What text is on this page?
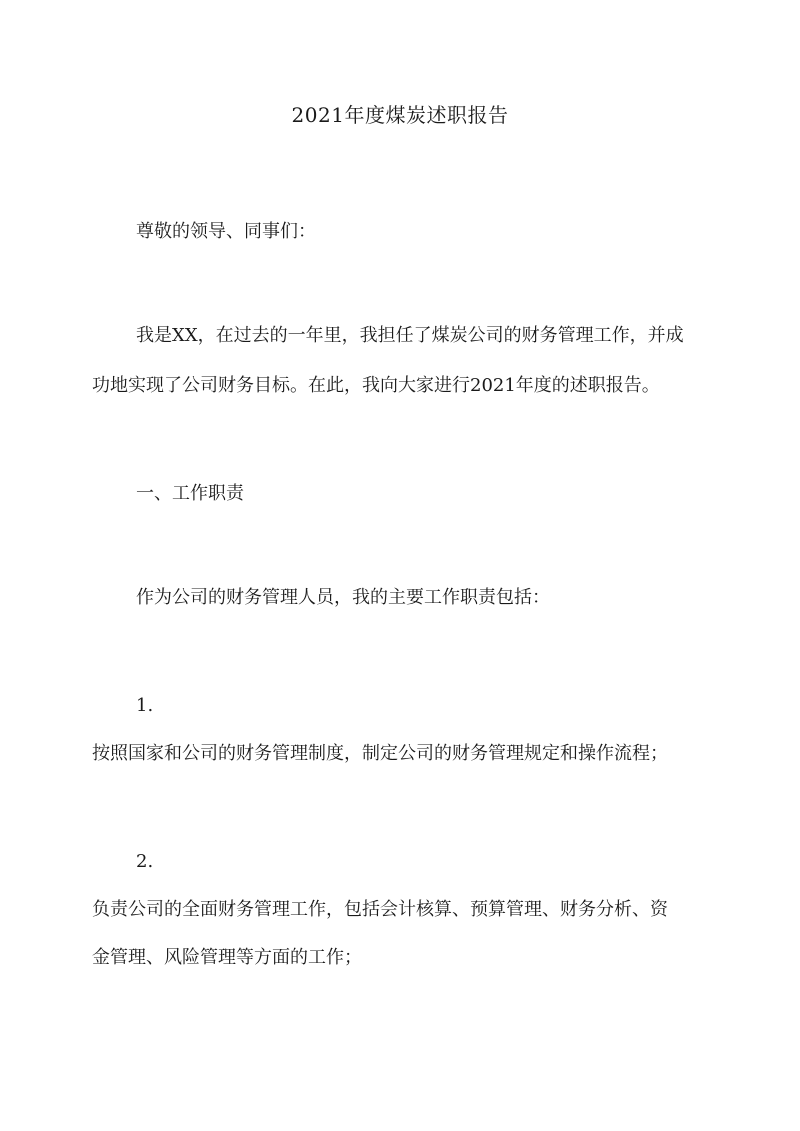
2021年度煤炭述职报告
尊敬的领导、同事们：
我是XX，在过去的一年里，我担任了煤炭公司的财务管理工作，并成
功地实现了公司财务目标。在此，我向大家进行2021年度的述职报告。
一、工作职责
作为公司的财务管理人员，我的主要工作职责包括：
1.
按照国家和公司的财务管理制度，制定公司的财务管理规定和操作流程；
2.
负责公司的全面财务管理工作，包括会计核算、预算管理、财务分析、资
金管理、风险管理等方面的工作；
